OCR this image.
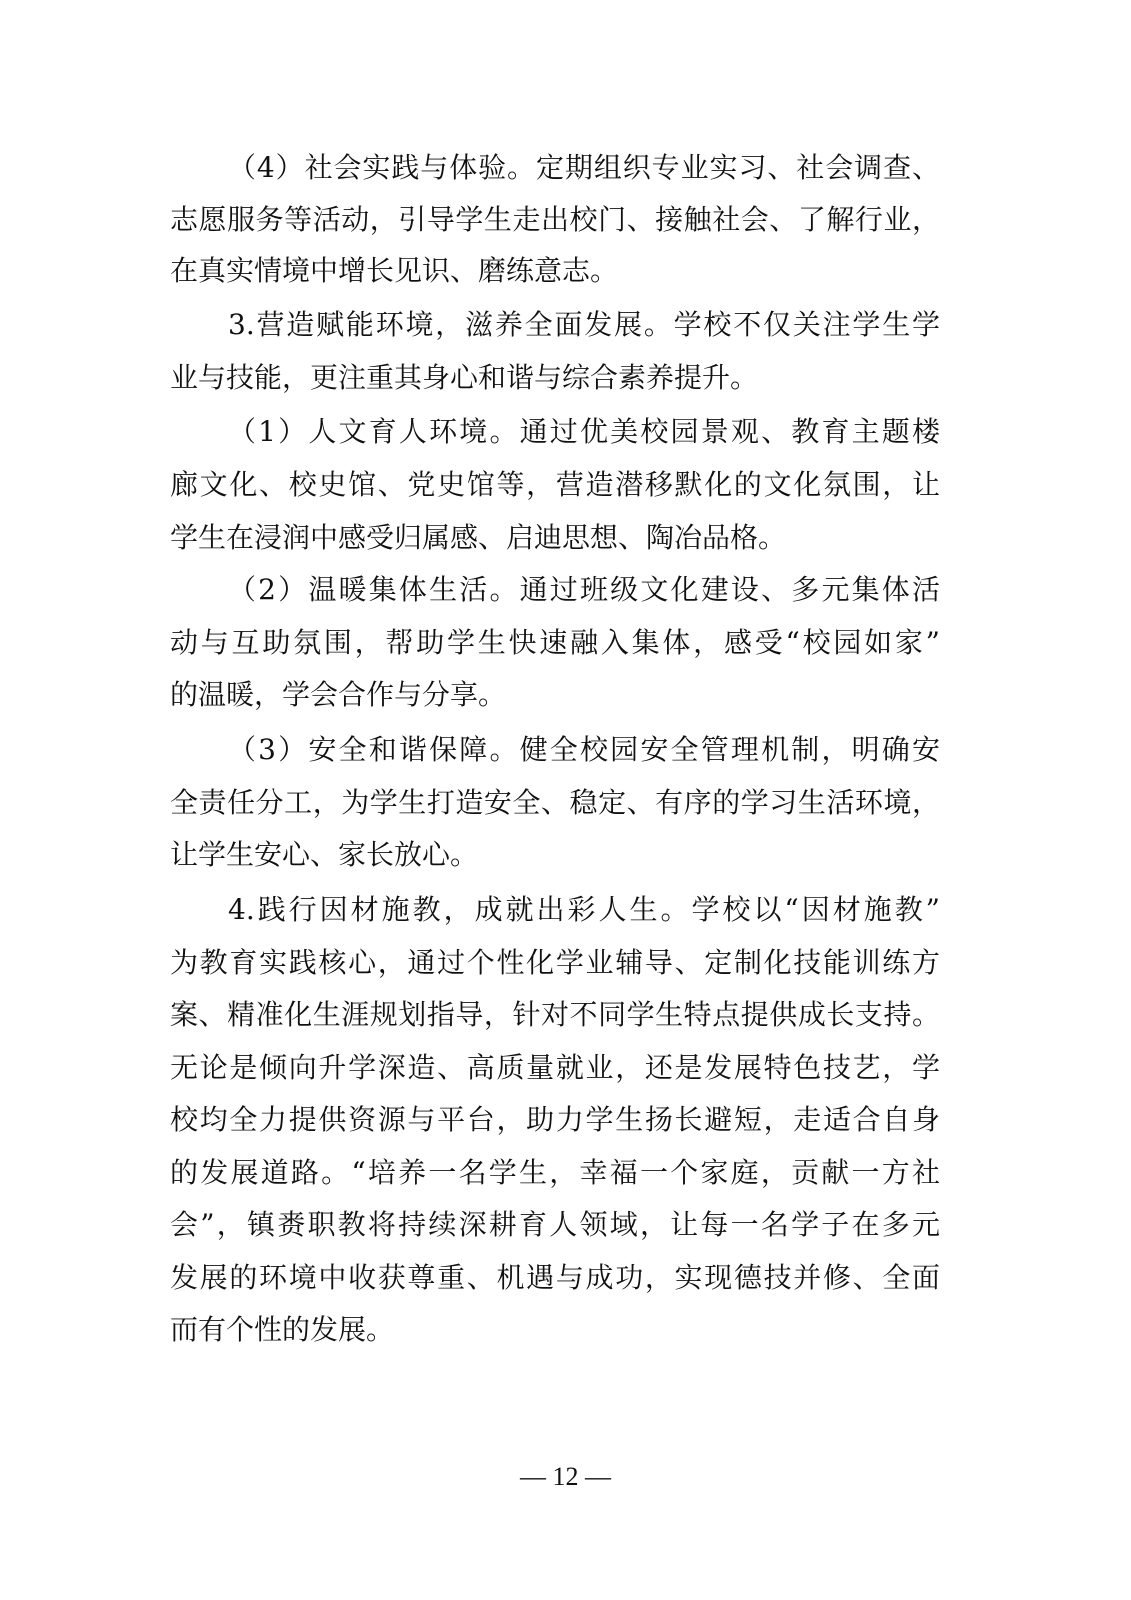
（4）社会实践与体验。定期组织专业实习、社会调查、
志愿服务等活动，引导学生走出校门、接触社会、了解行业，
在真实情境中增长见识、磨练意志。
3.营造赋能环境，滋养全面发展。学校不仅关注学生学
业与技能，更注重其身心和谐与综合素养提升。
（1）人文育人环境。通过优美校园景观、教育主题楼
廊文化、校史馆、党史馆等，营造潜移默化的文化氛围，让
学生在浸润中感受归属感、启迪思想、陶冶品格。
（2）温暖集体生活。通过班级文化建设、多元集体活
动与互助氛围，帮助学生快速融入集体，感受“校园如家”
的温暖，学会合作与分享。
（3）安全和谐保障。健全校园安全管理机制，明确安
全责任分工，为学生打造安全、稳定、有序的学习生活环境，
让学生安心、家长放心。
4.践行因材施教，成就出彩人生。学校以“因材施教”
为教育实践核心，通过个性化学业辅导、定制化技能训练方
案、精准化生涯规划指导，针对不同学生特点提供成长支持。
无论是倾向升学深造、高质量就业，还是发展特色技艺，学
校均全力提供资源与平台，助力学生扬长避短，走适合自身
的发展道路。“培养一名学生，幸福一个家庭，贡献一方社
会”，镇赉职教将持续深耕育人领域，让每一名学子在多元
发展的环境中收获尊重、机遇与成功，实现德技并修、全面
而有个性的发展。
— 12 —
